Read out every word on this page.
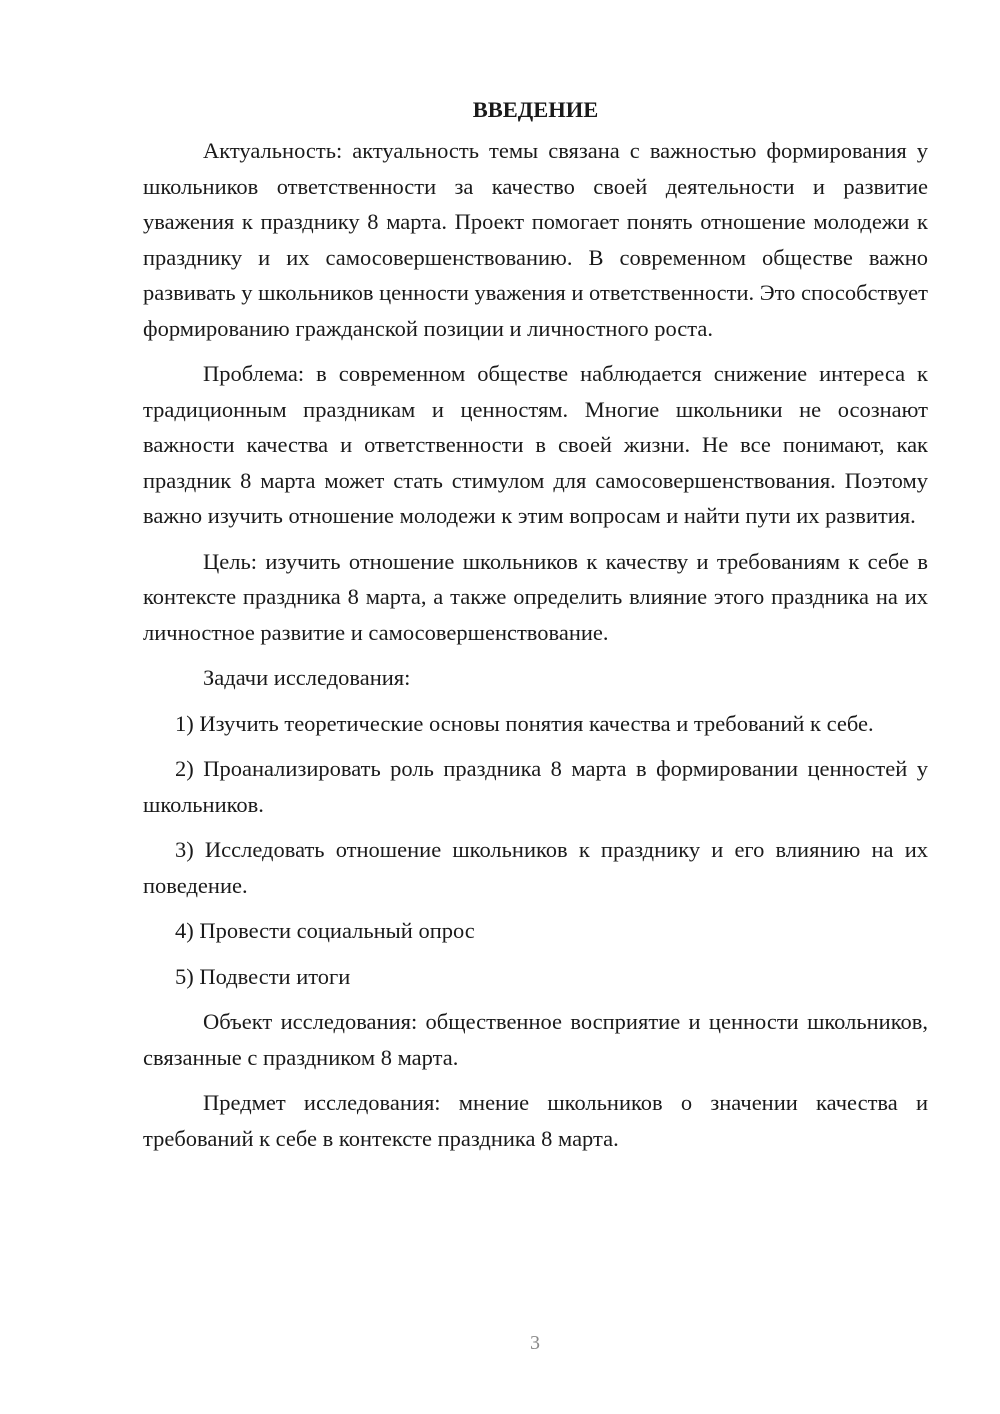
ВВЕДЕНИЕ

Актуальность: актуальность темы связана с важностью формирования у школьников ответственности за качество своей деятельности и развитие уважения к празднику 8 марта. Проект помогает понять отношение молодежи к празднику и их самосовершенствованию. В современном обществе важно развивать у школьников ценности уважения и ответственности. Это способствует формированию гражданской позиции и личностного роста.

Проблема: в современном обществе наблюдается снижение интереса к традиционным праздникам и ценностям. Многие школьники не осознают важности качества и ответственности в своей жизни. Не все понимают, как праздник 8 марта может стать стимулом для самосовершенствования. Поэтому важно изучить отношение молодежи к этим вопросам и найти пути их развития.

Цель: изучить отношение школьников к качеству и требованиям к себе в контексте праздника 8 марта, а также определить влияние этого праздника на их личностное развитие и самосовершенствование.

Задачи исследования:

1) Изучить теоретические основы понятия качества и требований к себе.

2) Проанализировать роль праздника 8 марта в формировании ценностей у школьников.

3) Исследовать отношение школьников к празднику и его влиянию на их поведение.

4) Провести социальный опрос

5) Подвести итоги

Объект исследования: общественное восприятие и ценности школьников, связанные с праздником 8 марта.

Предмет исследования: мнение школьников о значении качества и требований к себе в контексте праздника 8 марта.

3
